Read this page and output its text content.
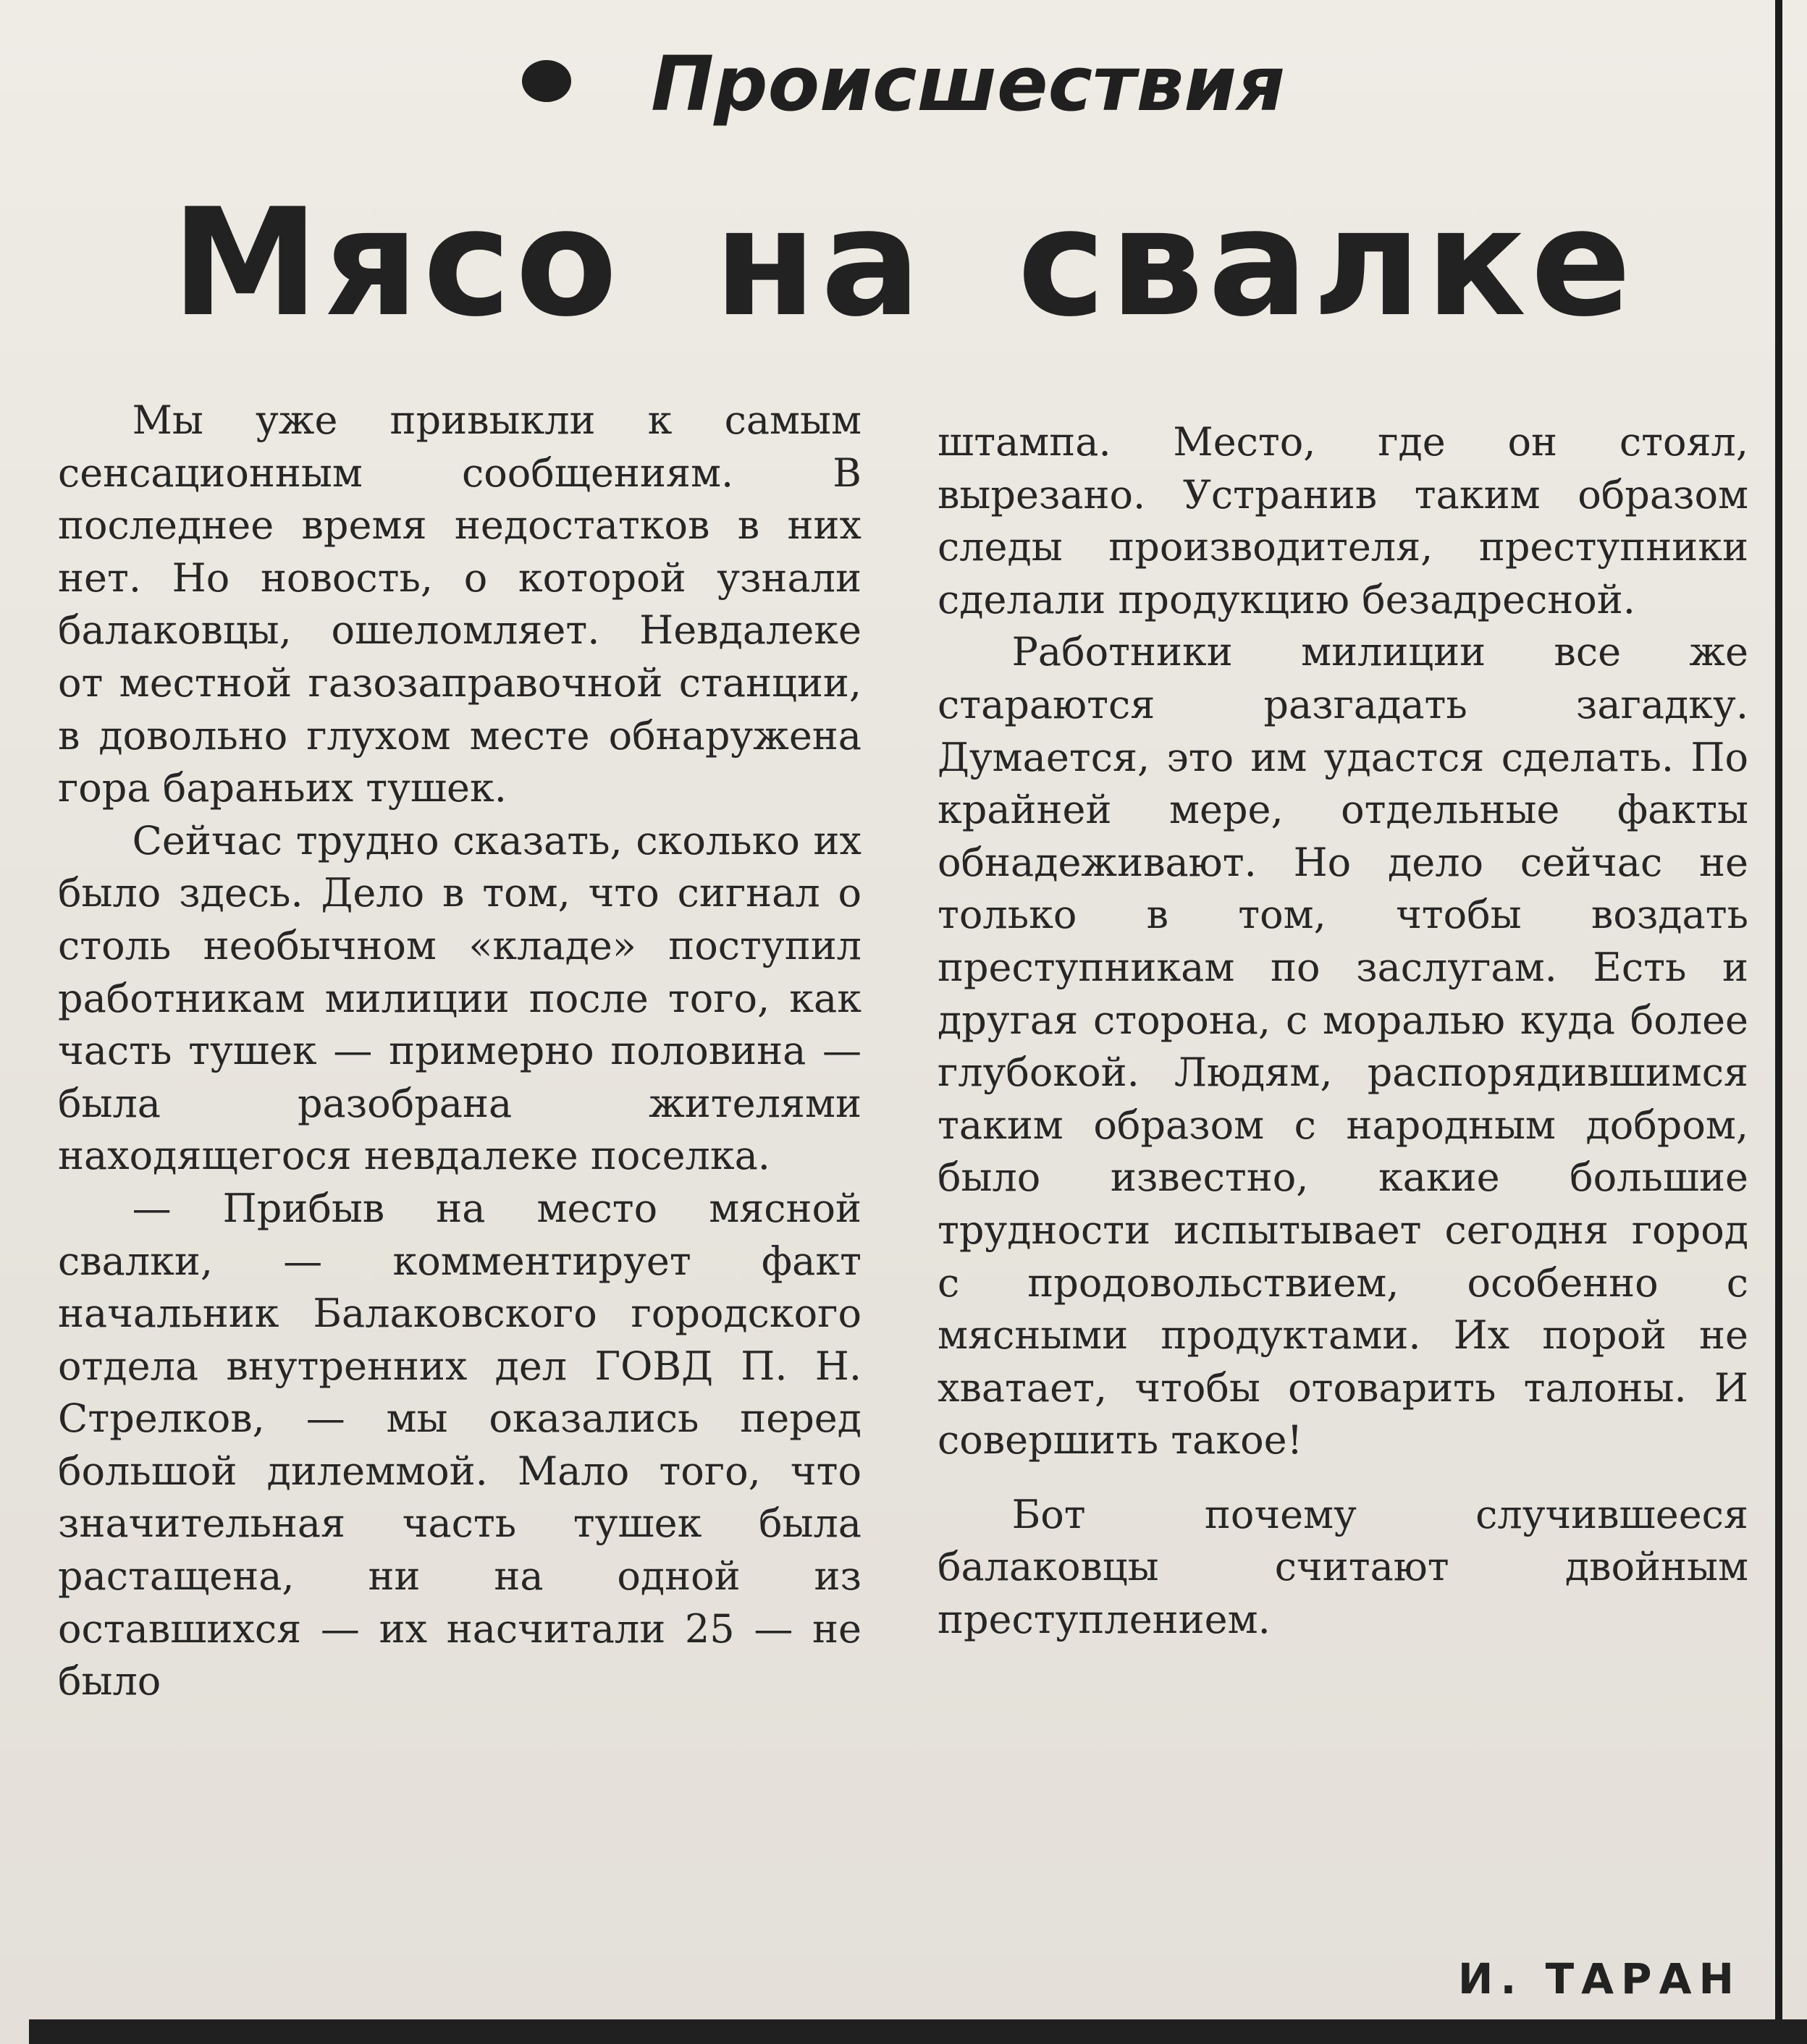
Происшествия
Мясо на свалке

Мы уже привыкли к самым сенсационным сообщениям. В последнее время недостатков в них нет. Но новость, о которой узнали балаковцы, ошеломляет. Невдалеке от местной газозаправочной станции, в довольно глухом месте обнаружена гора бараньих тушек.

Сейчас трудно сказать, сколько их было здесь. Дело в том, что сигнал о столь необычном «кладе» поступил работникам милиции после того, как часть тушек — примерно половина — была разобрана жителями находящегося невдалеке поселка.

— Прибыв на место мясной свалки, — комментирует факт начальник Балаковского городского отдела внутренних дел ГОВД П. Н. Стрелков, — мы оказались перед большой дилеммой. Мало того, что значительная часть тушек была растащена, ни на одной из оставшихся — их насчитали 25 — не было

штампа. Место, где он стоял, вырезано. Устранив таким образом следы производителя, преступники сделали продукцию безадресной.

Работники милиции все же стараются разгадать загадку. Думается, это им удастся сделать. По крайней мере, отдельные факты обнадеживают. Но дело сейчас не только в том, чтобы воздать преступникам по заслугам. Есть и другая сторона, с моралью куда более глубокой. Людям, распорядившимся таким образом с народным добром, было известно, какие большие трудности испытывает сегодня город с продовольствием, особенно с мясными продуктами. Их порой не хватает, чтобы отоварить талоны. И совершить такое!

Бот почему случившееся балаковцы считают двойным преступлением.

И. ТАРАН
